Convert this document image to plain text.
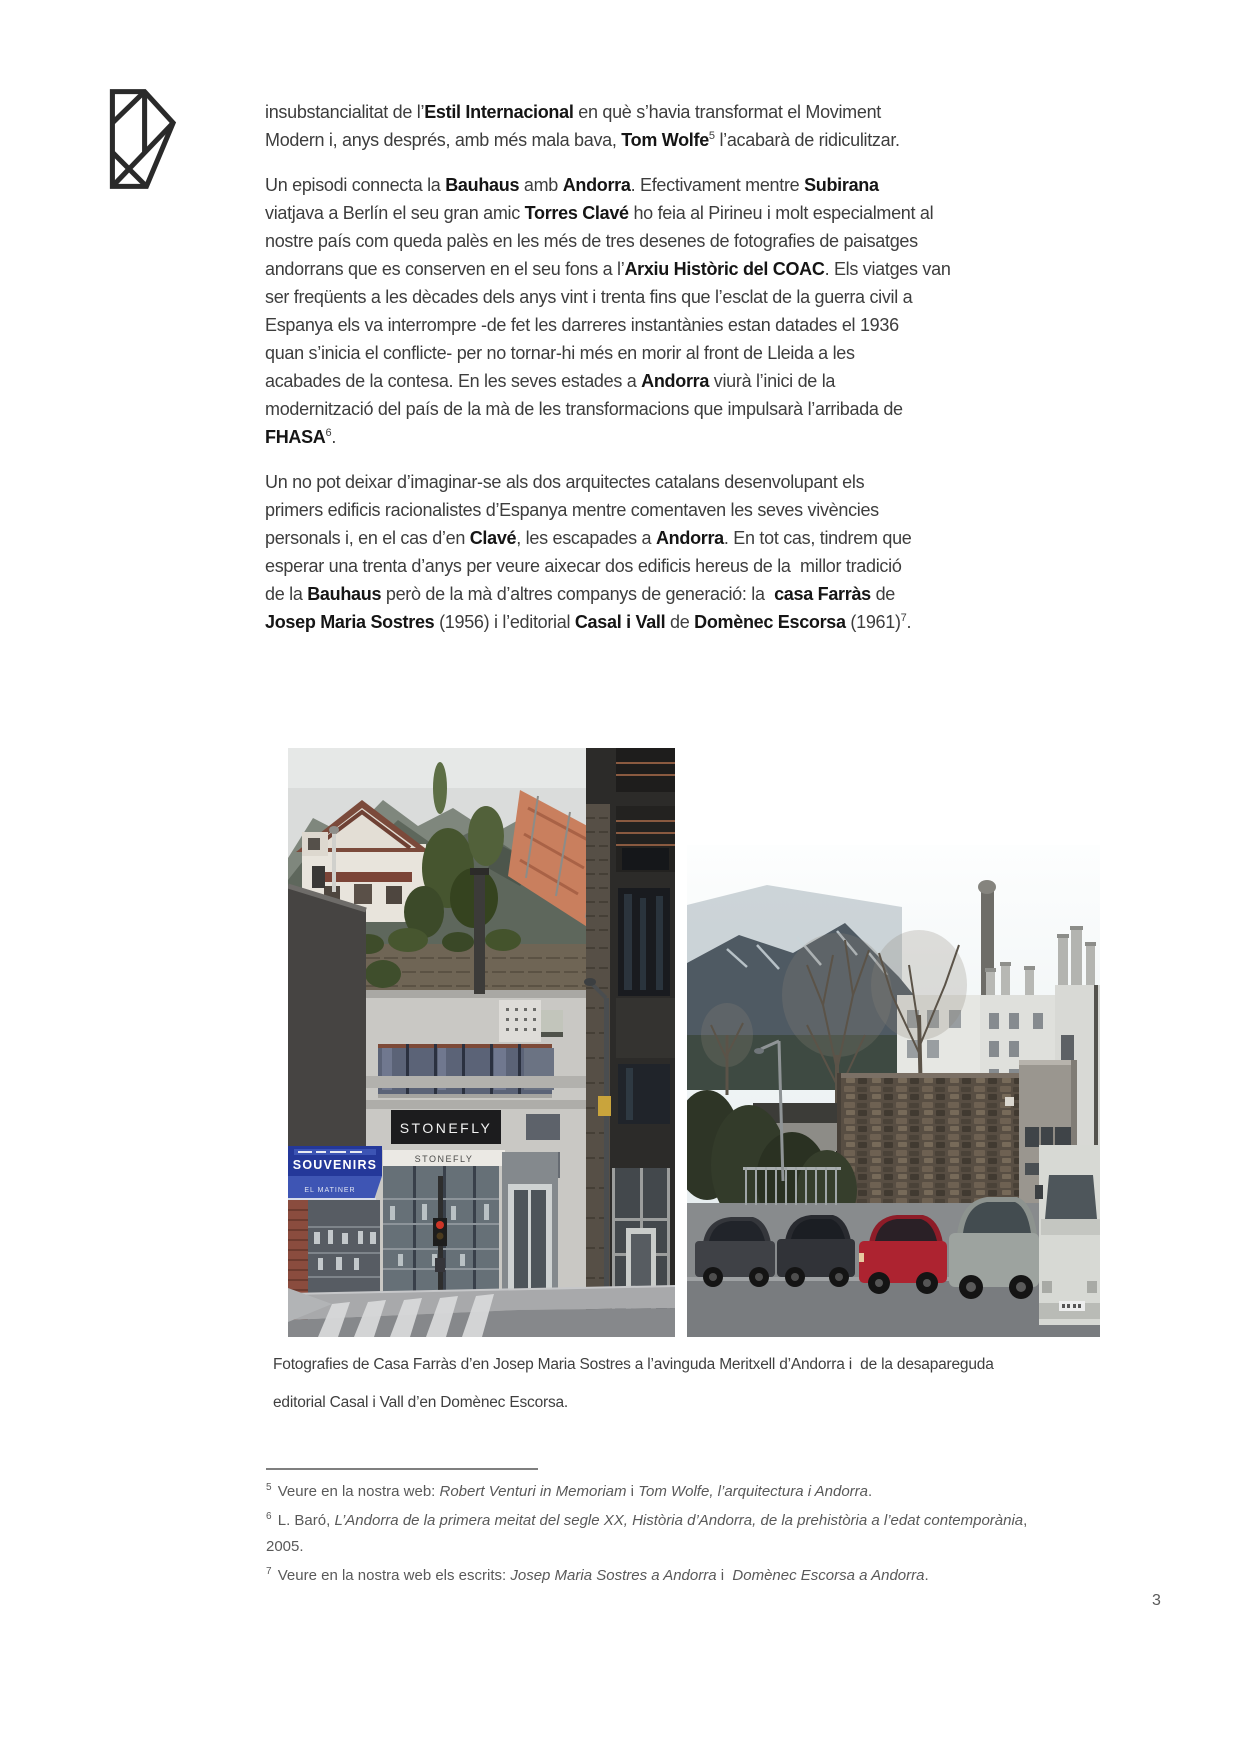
insubstancialitat de l’Estil Internacional en què s’havia transformat el Moviment
Modern i, anys després, amb més mala bava, Tom Wolfe$^5$ l’acabarà de ridiculitzar.
Un episodi connecta la Bauhaus amb Andorra. Efectivament mentre Subirana
viatjava a Berlín el seu gran amic Torres Clavé ho feia al Pirineu i molt especialment al
nostre país com queda palès en les més de tres desenes de fotografies de paisatges
andorrans que es conserven en el seu fons a l’Arxiu Històric del COAC. Els viatges van
ser freqüents a les dècades dels anys vint i trenta fins que l’esclat de la guerra civil a
Espanya els va interrompre -de fet les darreres instantànies estan datades el 1936
quan s’inicia el conflicte- per no tornar-hi més en morir al front de Lleida a les
acabades de la contesa. En les seves estades a Andorra viurà l’inici de la
modernització del país de la mà de les transformacions que impulsarà l’arribada de
FHASA$^6$.
Un no pot deixar d’imaginar-se als dos arquitectes catalans desenvolupant els
primers edificis racionalistes d’Espanya mentre comentaven les seves vivències
personals i, en el cas d’en Clavé, les escapades a Andorra. En tot cas, tindrem que
esperar una trenta d’anys per veure aixecar dos edificis hereus de la  millor tradició
de la Bauhaus però de la mà d’altres companys de generació: la  casa Farràs de
Josep Maria Sostres (1956) i l’editorial Casal i Vall de Domènec Escorsa $(1961)^7$.
STONEFLY
STONEFLY
SOUVENIRS
EL MATINER
Fotografies de Casa Farràs d’en Josep Maria Sostres a l’avinguda Meritxell d’Andorra i  de la desapareguda
editorial Casal i Vall d’en Domènec Escorsa.
$^5$ Veure en la nostra web: Robert Venturi in Memoriam i Tom Wolfe, l’arquitectura i Andorra.
$^6$ L. Baró, L’Andorra de la primera meitat del segle XX, Història d’Andorra, de la prehistòria a l’edat contemporània, 2005.
$^7$ Veure en la nostra web els escrits: Josep Maria Sostres a Andorra i  Domènec Escorsa a Andorra.
3
